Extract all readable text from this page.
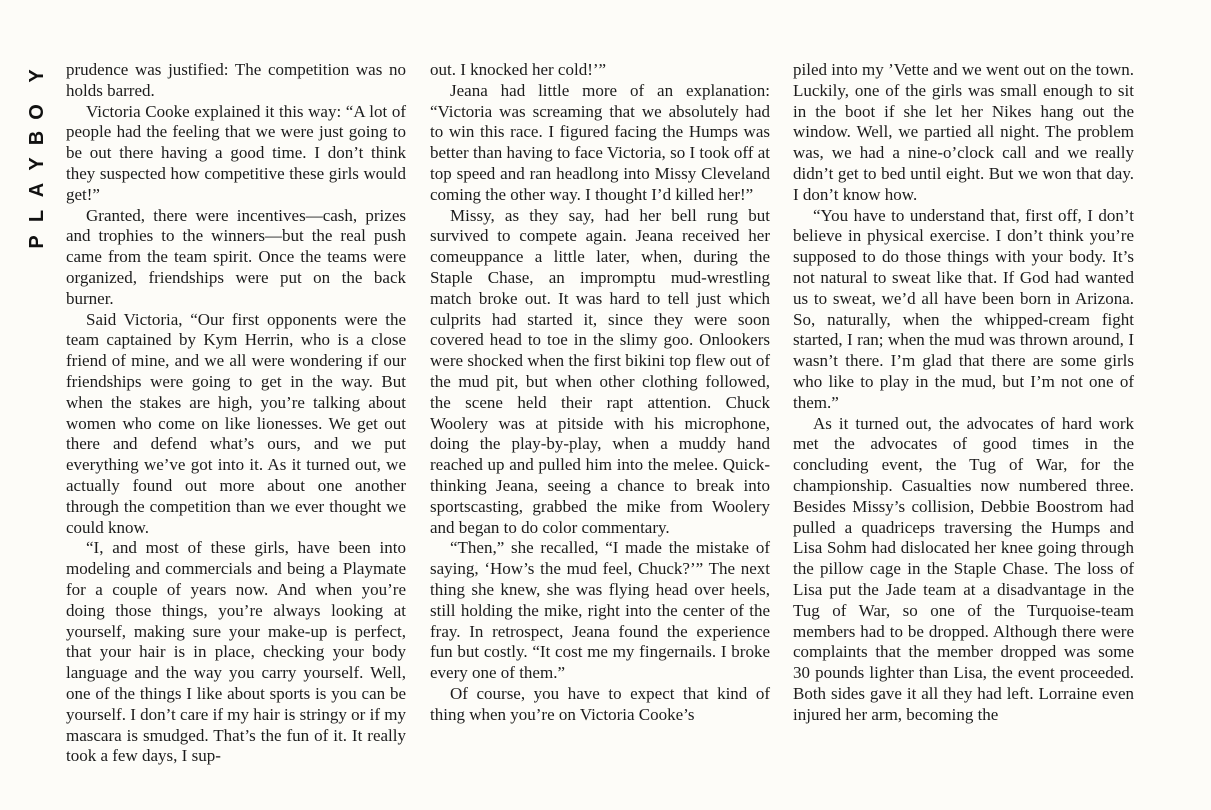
P
L
A
Y
B
O
Y prudence was justified: The competition was no holds barred.

Victoria Cooke explained it this way: “A lot of people had the feeling that we were just going to be out there having a good time. I don’t think they suspected how competitive these girls would get!”

Granted, there were incentives—cash, prizes and trophies to the winners—but the real push came from the team spirit. Once the teams were organized, friendships were put on the back burner.

Said Victoria, “Our first opponents were the team captained by Kym Herrin, who is a close friend of mine, and we all were wondering if our friendships were going to get in the way. But when the stakes are high, you’re talking about women who come on like lionesses. We get out there and defend what’s ours, and we put everything we’ve got into it. As it turned out, we actually found out more about one another through the competition than we ever thought we could know.

“I, and most of these girls, have been into modeling and commercials and being a Playmate for a couple of years now. And when you’re doing those things, you’re always looking at yourself, making sure your make-up is perfect, that your hair is in place, checking your body language and the way you carry yourself. Well, one of the things I like about sports is you can be yourself. I don’t care if my hair is stringy or if my mascara is smudged. That’s the fun of it. It really took a few days, I sup-

out. I knocked her cold!’”

Jeana had little more of an explanation: “Victoria was screaming that we absolutely had to win this race. I figured facing the Humps was better than having to face Victoria, so I took off at top speed and ran headlong into Missy Cleveland coming the other way. I thought I’d killed her!”

Missy, as they say, had her bell rung but survived to compete again. Jeana received her comeuppance a little later, when, during the Staple Chase, an impromptu mud-wrestling match broke out. It was hard to tell just which culprits had started it, since they were soon covered head to toe in the slimy goo. Onlookers were shocked when the first bikini top flew out of the mud pit, but when other clothing followed, the scene held their rapt attention. Chuck Woolery was at pitside with his microphone, doing the play-by-play, when a muddy hand reached up and pulled him into the melee. Quick-thinking Jeana, seeing a chance to break into sportscasting, grabbed the mike from Woolery and began to do color commentary.

“Then,” she recalled, “I made the mistake of saying, ‘How’s the mud feel, Chuck?’” The next thing she knew, she was flying head over heels, still holding the mike, right into the center of the fray. In retrospect, Jeana found the experience fun but costly. “It cost me my fingernails. I broke every one of them.”

Of course, you have to expect that kind of thing when you’re on Victoria Cooke’s

piled into my ’Vette and we went out on the town. Luckily, one of the girls was small enough to sit in the boot if she let her Nikes hang out the window. Well, we partied all night. The problem was, we had a nine-o’clock call and we really didn’t get to bed until eight. But we won that day. I don’t know how.

“You have to understand that, first off, I don’t believe in physical exercise. I don’t think you’re supposed to do those things with your body. It’s not natural to sweat like that. If God had wanted us to sweat, we’d all have been born in Arizona. So, naturally, when the whipped-cream fight started, I ran; when the mud was thrown around, I wasn’t there. I’m glad that there are some girls who like to play in the mud, but I’m not one of them.”

As it turned out, the advocates of hard work met the advocates of good times in the concluding event, the Tug of War, for the championship. Casualties now numbered three. Besides Missy’s collision, Debbie Boostrom had pulled a quadriceps traversing the Humps and Lisa Sohm had dislocated her knee going through the pillow cage in the Staple Chase. The loss of Lisa put the Jade team at a disadvantage in the Tug of War, so one of the Turquoise-team members had to be dropped. Although there were complaints that the member dropped was some 30 pounds lighter than Lisa, the event proceeded. Both sides gave it all they had left. Lorraine even injured her arm, becoming the
